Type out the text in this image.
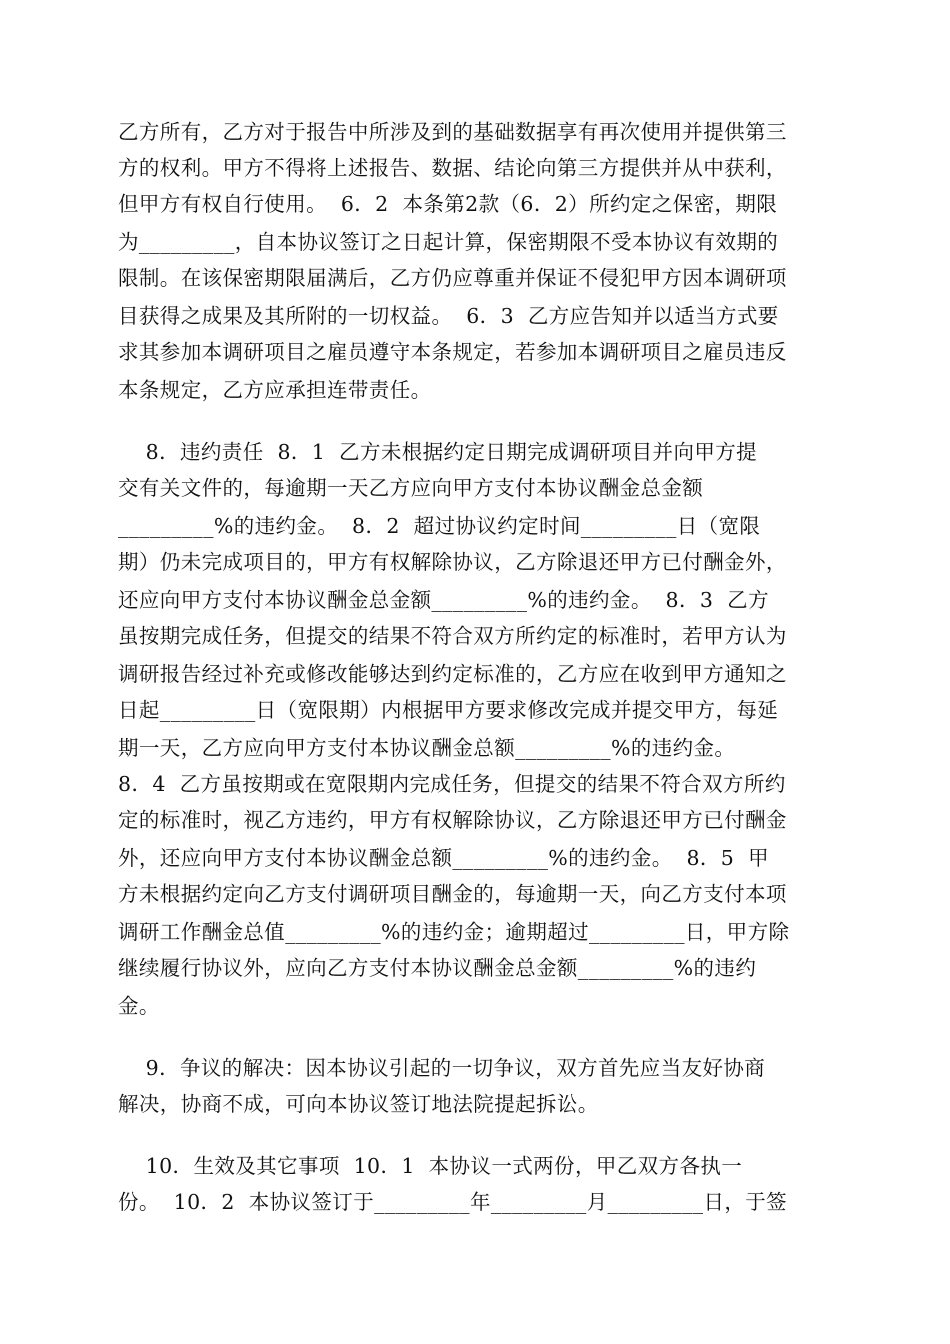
乙方所有，乙方对于报告中所涉及到的基础数据享有再次使用并提供第三
方的权利。甲方不得将上述报告、数据、结论向第三方提供并从中获利，
但甲方有权自行使用。  6．2  本条第2款（6．2）所约定之保密，期限
为_________，自本协议签订之日起计算，保密期限不受本协议有效期的
限制。在该保密期限届满后，乙方仍应尊重并保证不侵犯甲方因本调研项
目获得之成果及其所附的一切权益。  6．3  乙方应告知并以适当方式要
求其参加本调研项目之雇员遵守本条规定，若参加本调研项目之雇员违反
本条规定，乙方应承担连带责任。
8．违约责任  8．1  乙方未根据约定日期完成调研项目并向甲方提
交有关文件的，每逾期一天乙方应向甲方支付本协议酬金总金额
_________%的违约金。  8．2  超过协议约定时间_________日（宽限
期）仍未完成项目的，甲方有权解除协议，乙方除退还甲方已付酬金外，
还应向甲方支付本协议酬金总金额_________%的违约金。  8．3  乙方
虽按期完成任务，但提交的结果不符合双方所约定的标准时，若甲方认为
调研报告经过补充或修改能够达到约定标准的，乙方应在收到甲方通知之
日起_________日（宽限期）内根据甲方要求修改完成并提交甲方，每延
期一天，乙方应向甲方支付本协议酬金总额_________%的违约金。
8．4  乙方虽按期或在宽限期内完成任务，但提交的结果不符合双方所约
定的标准时，视乙方违约，甲方有权解除协议，乙方除退还甲方已付酬金
外，还应向甲方支付本协议酬金总额_________%的违约金。  8．5  甲
方未根据约定向乙方支付调研项目酬金的，每逾期一天，向乙方支付本项
调研工作酬金总值_________%的违约金；逾期超过_________日，甲方除
继续履行协议外，应向乙方支付本协议酬金总金额_________%的违约
金。
9．争议的解决：因本协议引起的一切争议，双方首先应当友好协商
解决，协商不成，可向本协议签订地法院提起拆讼。
10．生效及其它事项  10．1  本协议一式两份，甲乙双方各执一
份。  10．2  本协议签订于_________年_________月_________日，于签
